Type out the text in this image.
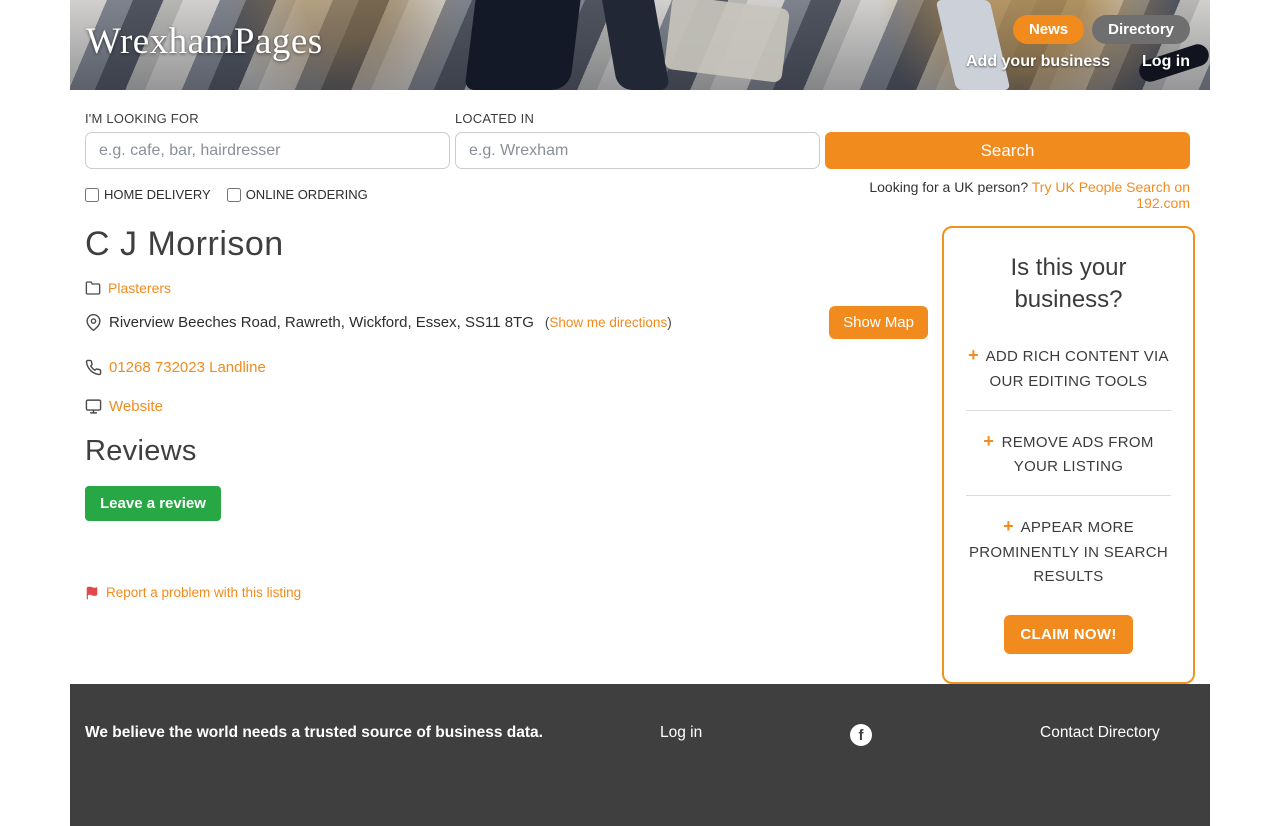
WrexhamPages	News	Directory
Add your business Log in
I'M LOOKING FOR	LOCATED IN
e.g. cafe, bar, hairdresser
e.g. Wrexham
Search
HOME DELIVERY	ONLINE ORDERING	Looking for a UK person? Try UK People Search on 192.com
C J Morrison
Plasterers
Riverview Beeches Road, Rawreth, Wickford, Essex, SS11 8TG (Show me directions)	Show Map
01268 732023 Landline
Website
Reviews
Leave a review
Report a problem with this listing
Is this your business?
+ ADD RICH CONTENT VIA OUR EDITING TOOLS
+ REMOVE ADS FROM YOUR LISTING
+ APPEAR MORE PROMINENTLY IN SEARCH RESULTS
CLAIM NOW!
We believe the world needs a trusted source of business data.	Log in	f	Contact Directory
